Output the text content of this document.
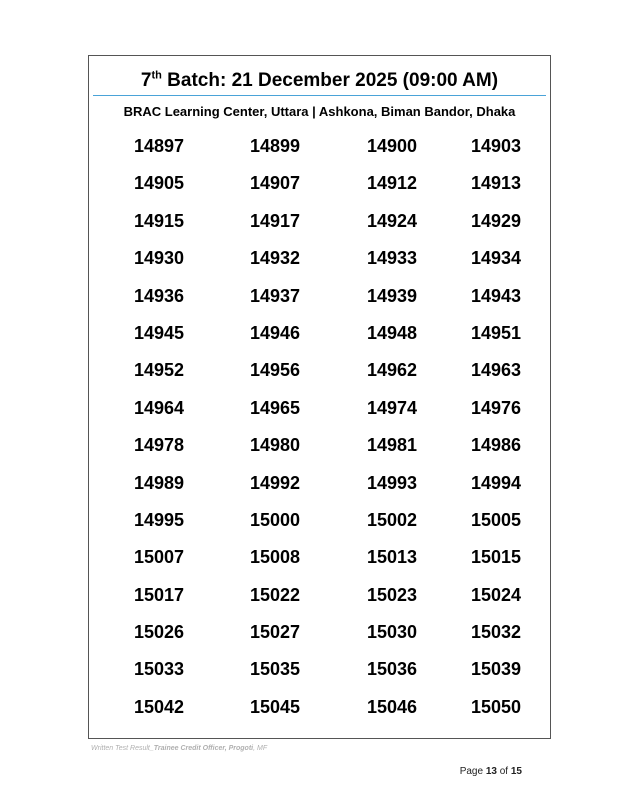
7th Batch: 21 December 2025 (09:00 AM)
BRAC Learning Center, Uttara | Ashkona, Biman Bandor, Dhaka
14897	14899	14900	14903
14905	14907	14912	14913
14915	14917	14924	14929
14930	14932	14933	14934
14936	14937	14939	14943
14945	14946	14948	14951
14952	14956	14962	14963
14964	14965	14974	14976
14978	14980	14981	14986
14989	14992	14993	14994
14995	15000	15002	15005
15007	15008	15013	15015
15017	15022	15023	15024
15026	15027	15030	15032
15033	15035	15036	15039
15042	15045	15046	15050
Written Test Result_Trainee Credit Officer, Progoti, MF
Page 13 of 15
